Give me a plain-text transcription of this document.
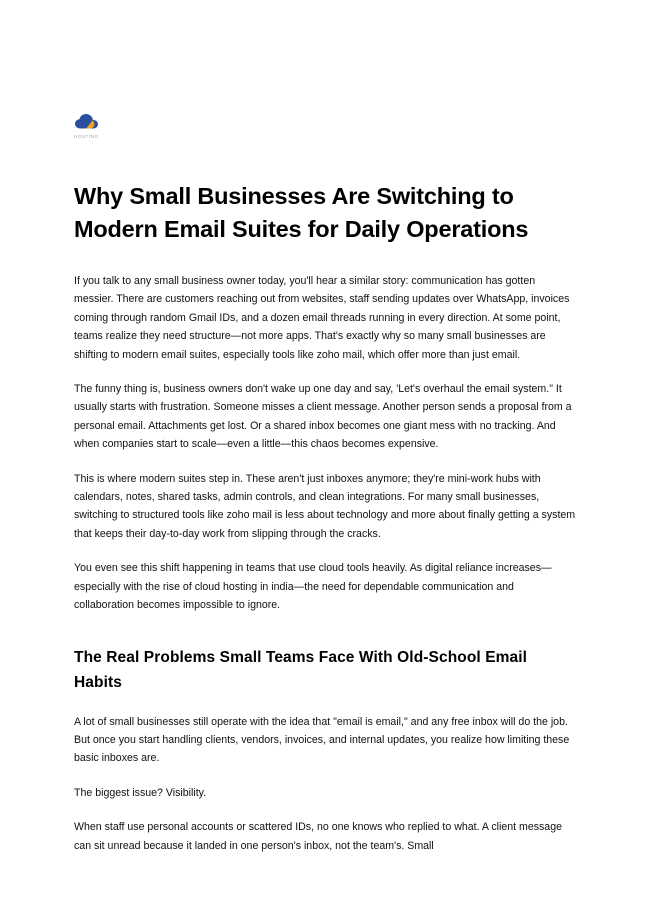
HOSTING
Why Small Businesses Are Switching to Modern Email Suites for Daily Operations

If you talk to any small business owner today, you'll hear a similar story: communication has gotten messier. There are customers reaching out from websites, staff sending updates over WhatsApp, invoices coming through random Gmail IDs, and a dozen email threads running in every direction. At some point, teams realize they need structure—not more apps. That's exactly why so many small businesses are shifting to modern email suites, especially tools like zoho mail, which offer more than just email.

The funny thing is, business owners don't wake up one day and say, 'Let's overhaul the email system." It usually starts with frustration. Someone misses a client message. Another person sends a proposal from a personal email. Attachments get lost. Or a shared inbox becomes one giant mess with no tracking. And when companies start to scale—even a little—this chaos becomes expensive.

This is where modern suites step in. These aren't just inboxes anymore; they're mini-work hubs with calendars, notes, shared tasks, admin controls, and clean integrations. For many small businesses, switching to structured tools like zoho mail is less about technology and more about finally getting a system that keeps their day-to-day work from slipping through the cracks.

You even see this shift happening in teams that use cloud tools heavily. As digital reliance increases—especially with the rise of cloud hosting in india—the need for dependable communication and collaboration becomes impossible to ignore.

The Real Problems Small Teams Face With Old-School Email Habits

A lot of small businesses still operate with the idea that "email is email," and any free inbox will do the job. But once you start handling clients, vendors, invoices, and internal updates, you realize how limiting these basic inboxes are.

The biggest issue? Visibility.

When staff use personal accounts or scattered IDs, no one knows who replied to what. A client message can sit unread because it landed in one person's inbox, not the team's. Small
